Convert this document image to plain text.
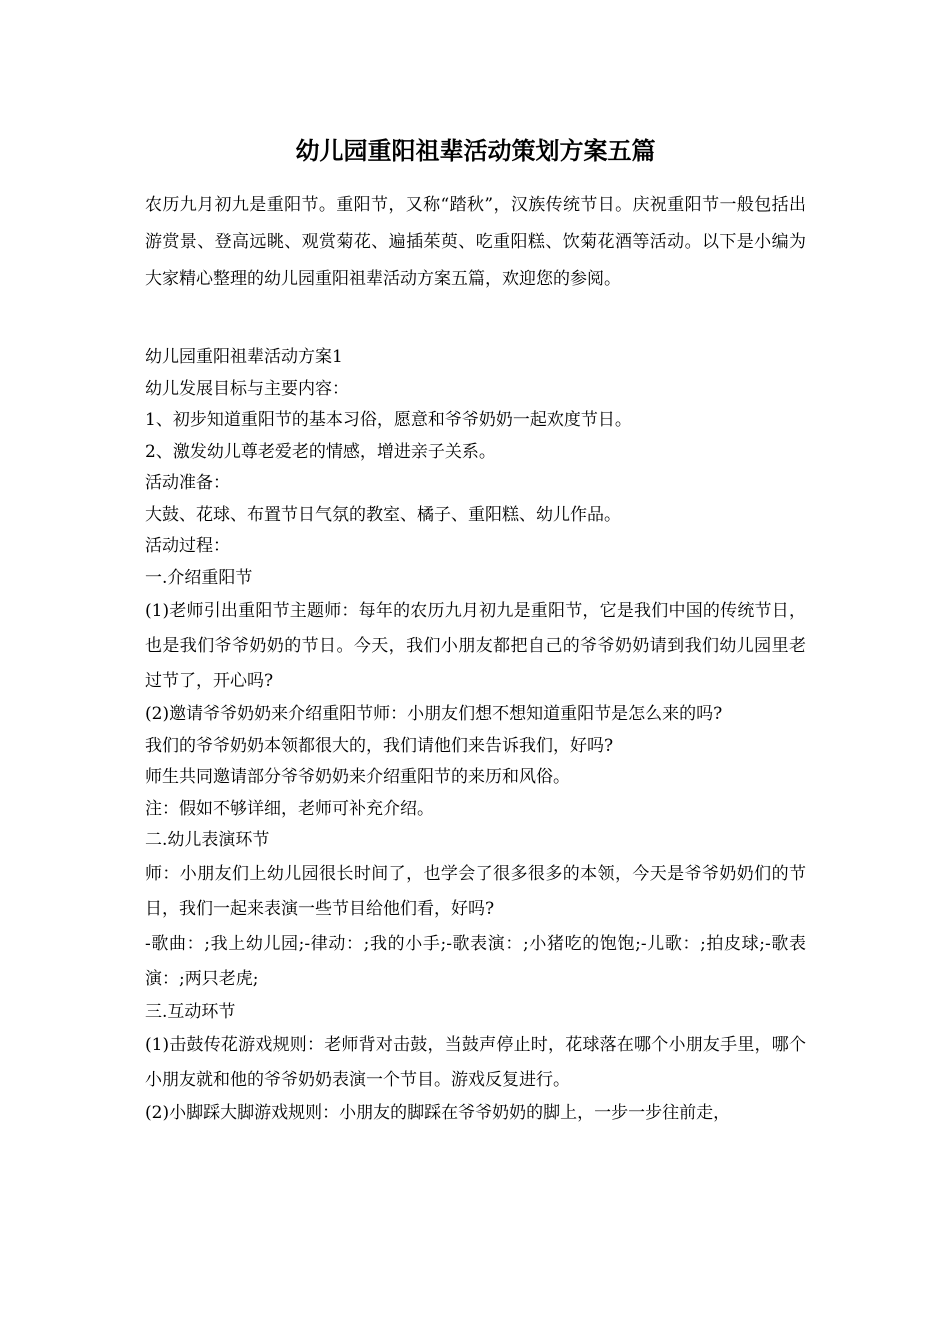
幼儿园重阳祖辈活动策划方案五篇

农历九月初九是重阳节。重阳节，又称“踏秋”，汉族传统节日。庆祝重阳节一般包括出游赏景、登高远眺、观赏菊花、遍插茱萸、吃重阳糕、饮菊花酒等活动。以下是小编为大家精心整理的幼儿园重阳祖辈活动方案五篇，欢迎您的参阅。

幼儿园重阳祖辈活动方案1
幼儿发展目标与主要内容：
1、初步知道重阳节的基本习俗，愿意和爷爷奶奶一起欢度节日。
2、激发幼儿尊老爱老的情感，增进亲子关系。
活动准备：
大鼓、花球、布置节日气氛的教室、橘子、重阳糕、幼儿作品。
活动过程：
一.介绍重阳节

(1)老师引出重阳节主题师：每年的农历九月初九是重阳节，它是我们中国的传统节日，也是我们爷爷奶奶的节日。今天，我们小朋友都把自己的爷爷奶奶请到我们幼儿园里老过节了，开心吗?

(2)邀请爷爷奶奶来介绍重阳节师：小朋友们想不想知道重阳节是怎么来的吗?
我们的爷爷奶奶本领都很大的，我们请他们来告诉我们，好吗?
师生共同邀请部分爷爷奶奶来介绍重阳节的来历和风俗。
注：假如不够详细，老师可补充介绍。
二.幼儿表演环节

师：小朋友们上幼儿园很长时间了，也学会了很多很多的本领，今天是爷爷奶奶们的节日，我们一起来表演一些节目给他们看，好吗?

-歌曲：;我上幼儿园;-律动：;我的小手;-歌表演：;小猪吃的饱饱;-儿歌：;拍皮球;-歌表演：;两只老虎;

三.互动环节

(1)击鼓传花游戏规则：老师背对击鼓，当鼓声停止时，花球落在哪个小朋友手里，哪个小朋友就和他的爷爷奶奶表演一个节目。游戏反复进行。

(2)小脚踩大脚游戏规则：小朋友的脚踩在爷爷奶奶的脚上，一步一步往前走，
